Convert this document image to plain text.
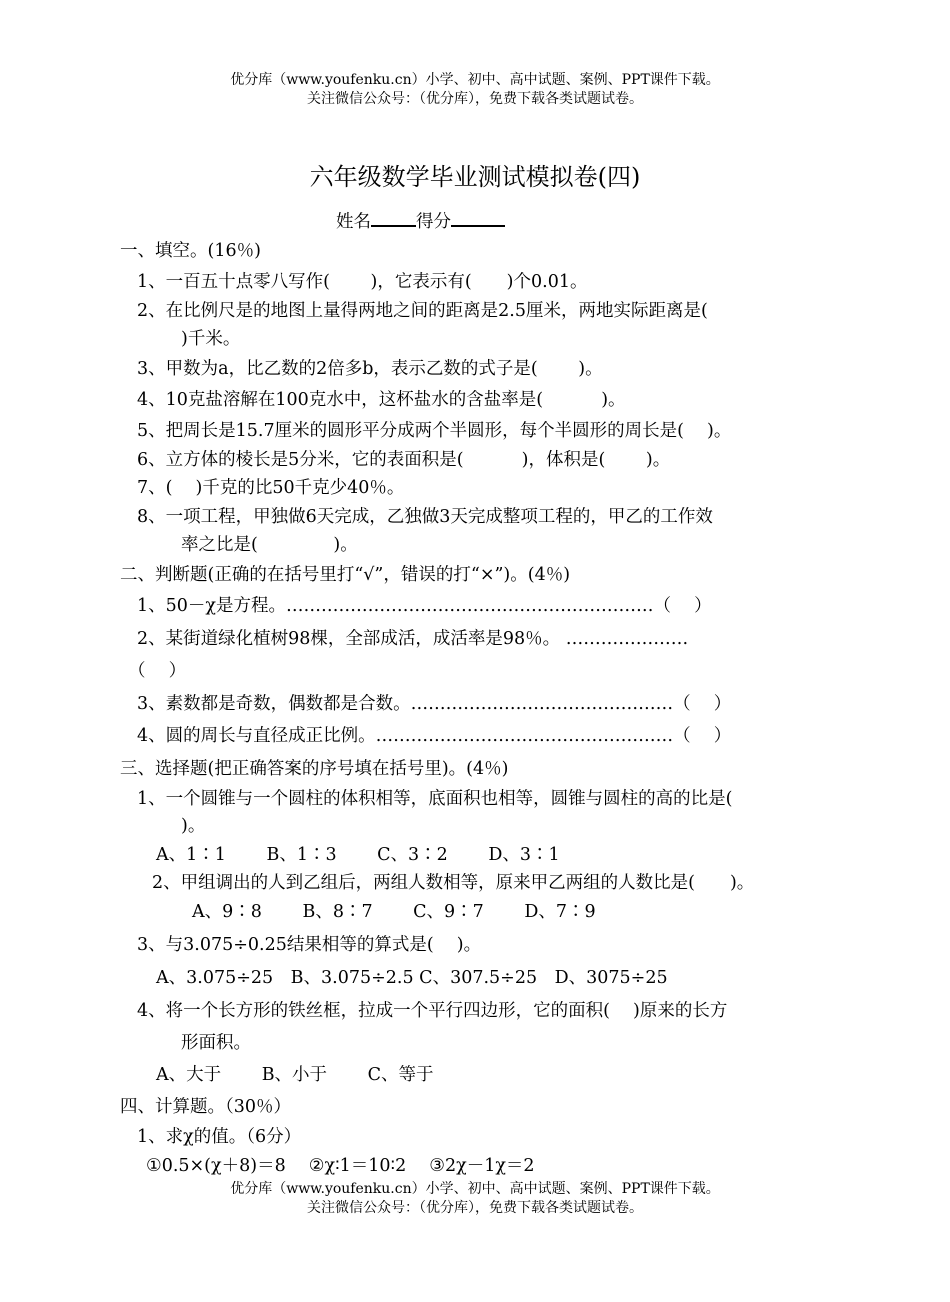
优分库（www.youfenku.cn）小学、初中、高中试题、案例、PPT课件下载。
关注微信公众号：（优分库），免费下载各类试题试卷。
六年级数学毕业测试模拟卷(四)
姓名	得分
一、填空。(16％)
1、一百五十点零八写作(　　 )，它表示有(　　)个0.01。
2、在比例尺是的地图上量得两地之间的距离是2.5厘米，两地实际距离是(
)千米。
3、甲数为a，比乙数的2倍多b，表示乙数的式子是(　　 )。
4、10克盐溶解在100克水中，这杯盐水的含盐率是(　　　 )。
5、把周长是15.7厘米的圆形平分成两个半圆形，每个半圆形的周长是(　 )。
6、立方体的棱长是5分米，它的表面积是(　　　 )，体积是(　　 )。
7、(　 )千克的比50千克少40％。
8、一项工程，甲独做6天完成，乙独做3天完成整项工程的，甲乙的工作效
率之比是(　　　　 )。
二、判断题(正确的在括号里打“√”，错误的打“×”)。(4％)
1、50－χ是方程。………………………………………………………（　 ）
2、某街道绿化植树98棵，全部成活，成活率是98％。 …………………
（　 ）
3、素数都是奇数，偶数都是合数。………………………………………（　 ）
4、圆的周长与直径成正比例。……………………………………………（　 ）
三、选择题(把正确答案的序号填在括号里)。(4％)
1、一个圆锥与一个圆柱的体积相等，底面积也相等，圆锥与圆柱的高的比是(
)。
A、1∶1　　 B、1∶3　　 C、3∶2　　 D、3∶1
2、甲组调出的人到乙组后，两组人数相等，原来甲乙两组的人数比是(　　)。
A、9∶8　　 B、8∶7　　 C、9∶7　　 D、7∶9
3、与3.075÷0.25结果相等的算式是(　 )。
A、3.075÷25　B、3.075÷2.5 C、307.5÷25　D、3075÷25
4、将一个长方形的铁丝框，拉成一个平行四边形，它的面积(　 )原来的长方
形面积。
A、大于　　 B、小于　　 C、等于
四、计算题。（30％）
1、求χ的值。（6分）
①0.5×(χ＋8)＝8　 ②χ∶1＝10∶2　 ③2χ－1χ＝2
优分库（www.youfenku.cn）小学、初中、高中试题、案例、PPT课件下载。
关注微信公众号：（优分库），免费下载各类试题试卷。
